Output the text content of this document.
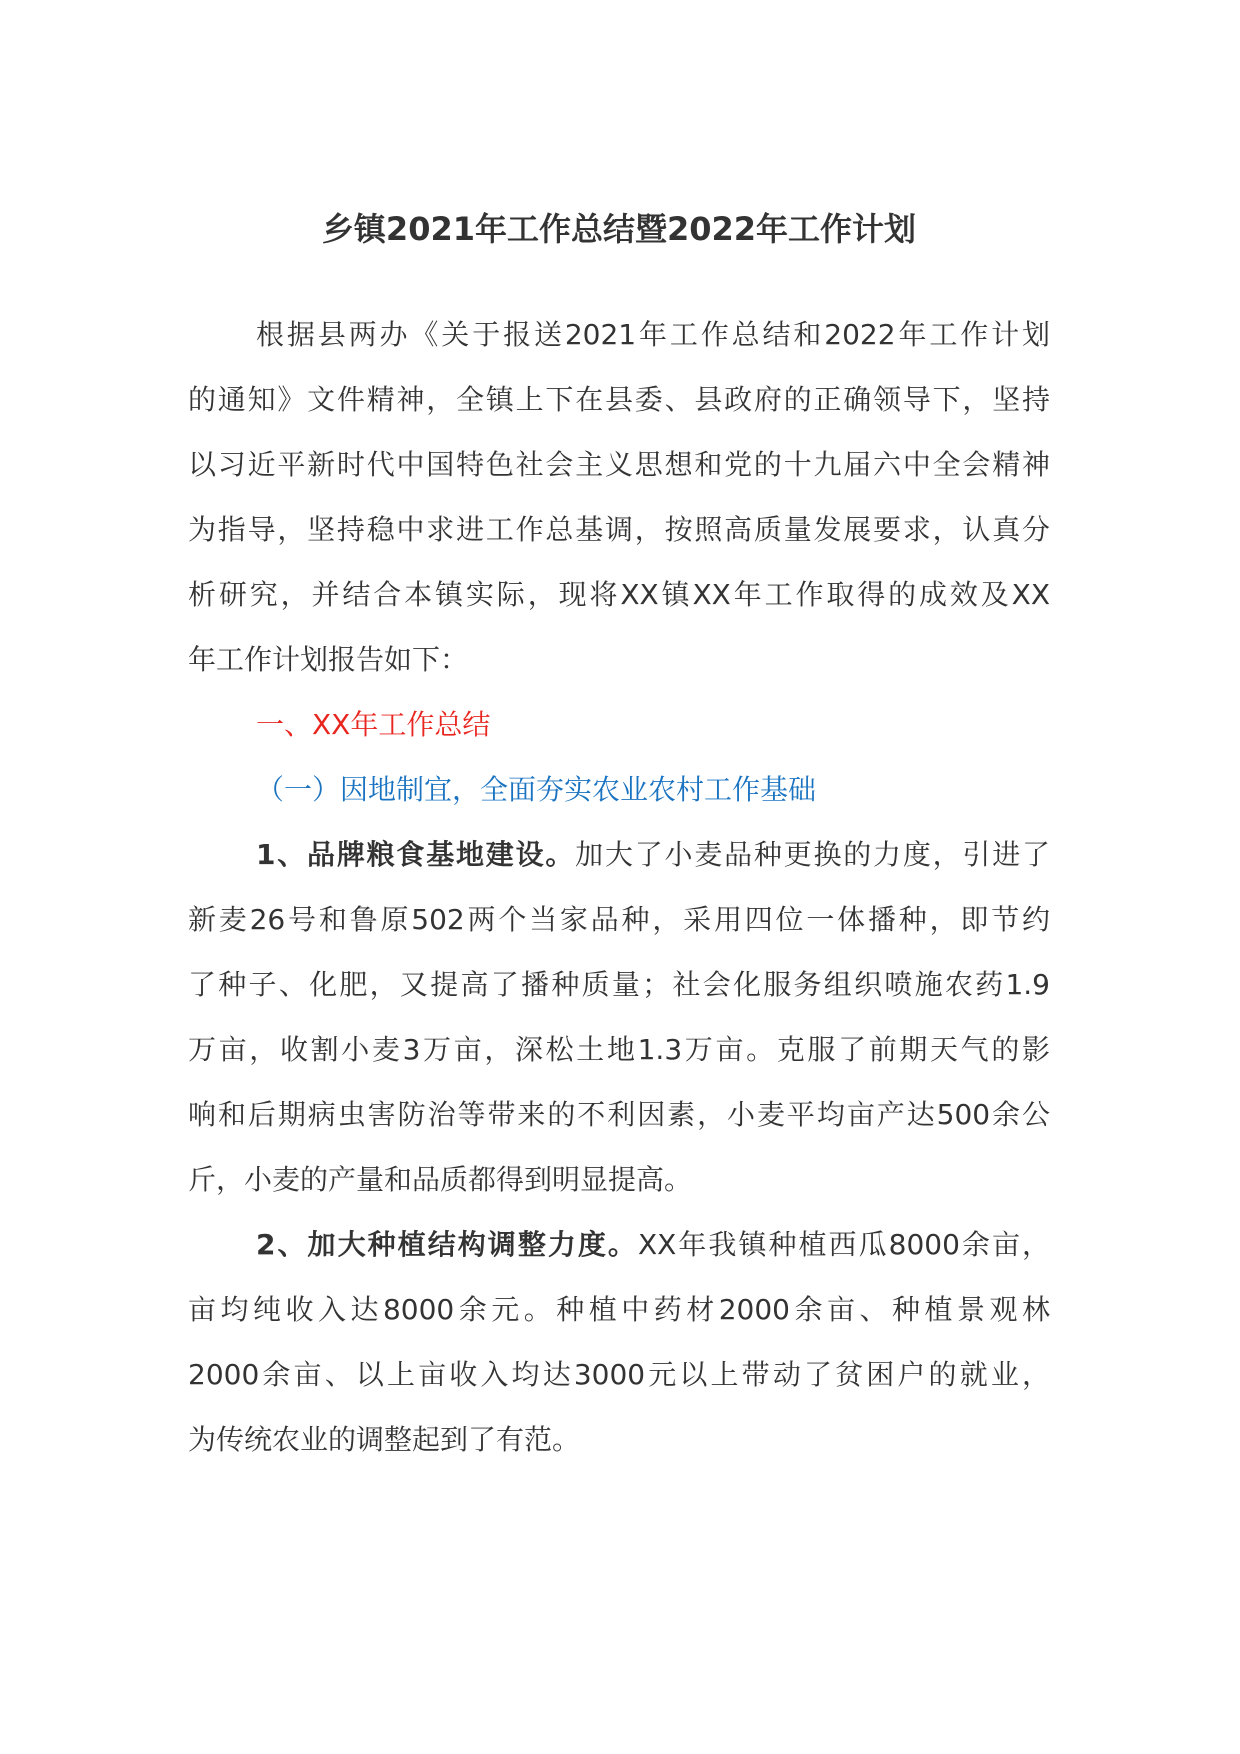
乡镇2021年工作总结暨2022年工作计划
根据县两办《关于报送2021年工作总结和2022年工作计划
的通知》文件精神，全镇上下在县委、县政府的正确领导下，坚持
以习近平新时代中国特色社会主义思想和党的十九届六中全会精神
为指导，坚持稳中求进工作总基调，按照高质量发展要求，认真分
析研究，并结合本镇实际，现将XX镇XX年工作取得的成效及XX
年工作计划报告如下：

一、XX年工作总结

（一）因地制宜，全面夯实农业农村工作基础

1、品牌粮食基地建设。加大了小麦品种更换的力度，引进了
新麦26号和鲁原502两个当家品种，采用四位一体播种，即节约
了种子、化肥，又提高了播种质量；社会化服务组织喷施农药1.9
万亩，收割小麦3万亩，深松土地1.3万亩。克服了前期天气的影
响和后期病虫害防治等带来的不利因素，小麦平均亩产达500余公
斤，小麦的产量和品质都得到明显提高。
2、加大种植结构调整力度。XX年我镇种植西瓜8000余亩，
亩均纯收入达8000余元。种植中药材2000余亩、种植景观林
2000余亩、以上亩收入均达3000元以上带动了贫困户的就业，
为传统农业的调整起到了有范。
